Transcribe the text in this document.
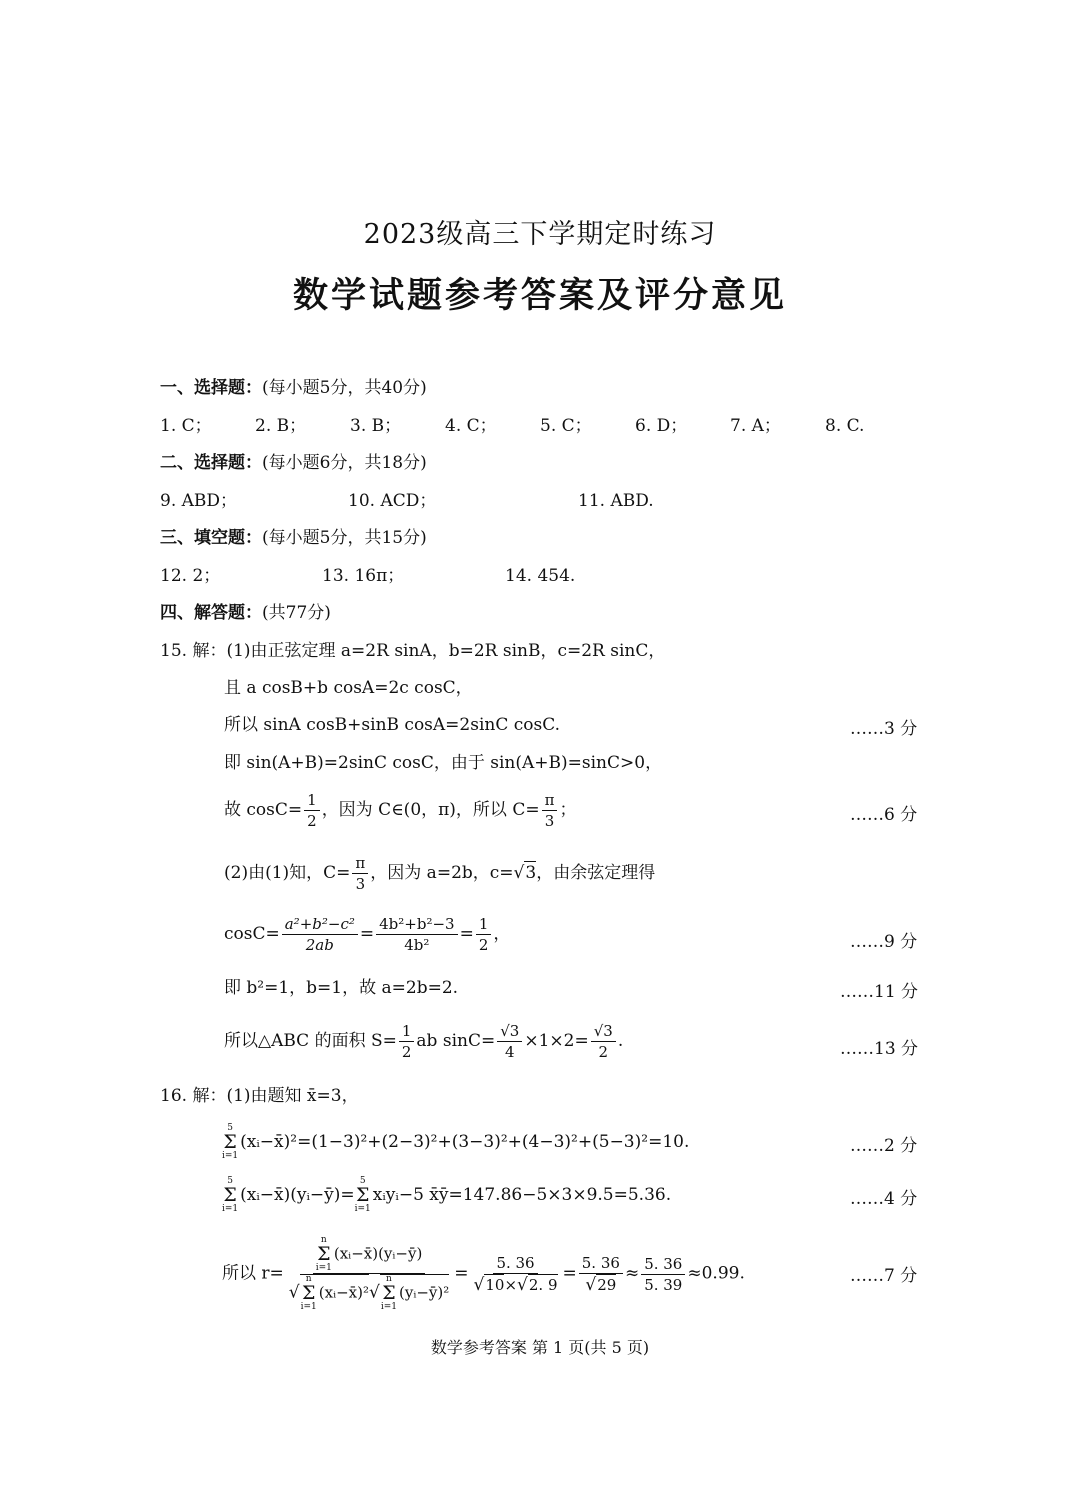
2023级高三下学期定时练习
数学试题参考答案及评分意见
一、选择题：(每小题5分，共40分)
1. C；	2. B；	3. B；	4. C；	5. C；	6. D；	7. A；	8. C.
二、选择题：(每小题6分，共18分)
9. ABD；	10. ACD；	11. ABD.
三、填空题：(每小题5分，共15分)
12. 2；	13. 16π；	14. 454.
四、解答题：(共77分)
15. 解：(1)由正弦定理 a=2R sinA，b=2R sinB，c=2R sinC，
且 a cosB+b cosA=2c cosC，
所以 sinA cosB+sinB cosA=2sinC cosC.	……3 分
即 sin(A+B)=2sinC cosC，由于 sin(A+B)=sinC>0，
故 $\cos C= \frac{1}{2}$ ，因为 C∈(0，π)，所以 $C= \frac{\pi}{3}$ ；	……6 分
(2)由(1)知，$C= \frac{\pi}{3}$ ，因为 a=2b，c=√3，由余弦定理得
$\cos C= \frac{\text{a²+b²−c²}}{2ab} = \frac{\text{4b²+b²−3}}{\text{4b²}} = \frac{1}{2}$ ，	……9 分
即 b²=1，b=1，故 a=2b=2.	……11 分
所以△ABC 的面积 $S= \frac{1}{2}$ ab $\sin C= \frac{√3}{4} \times 1\times 2= \frac{√3}{2}$ .	……13 分
16. 解：(1)由题知 x̄=3，
5
Σ
i=1
(xᵢ−x̄)²=(1−3)²+(2−3)²+(3−3)²+(4−3)²+(5−3)²=10.	……2 分
5
Σ
i=1
(xᵢ−x̄)(yᵢ−ȳ)=
5
Σ
i=1
xᵢyᵢ−5 x̄ȳ=147.86−5×3×9.5=5.36.	……4 分
所以 r= n
Σ
i=1
(xᵢ−x̄)(yᵢ−ȳ)
√
n
Σ
i=1
(xᵢ−x̄)²√
n
Σ
i=1
(yᵢ−ȳ)² = $\frac{5. 36}{√10\times√2. 9} = \frac{5. 36}{√29} \approx \frac{5. 36}{5. 39} \approx 0.99$.	……7 分
数学参考答案 第 1 页(共 5 页)
